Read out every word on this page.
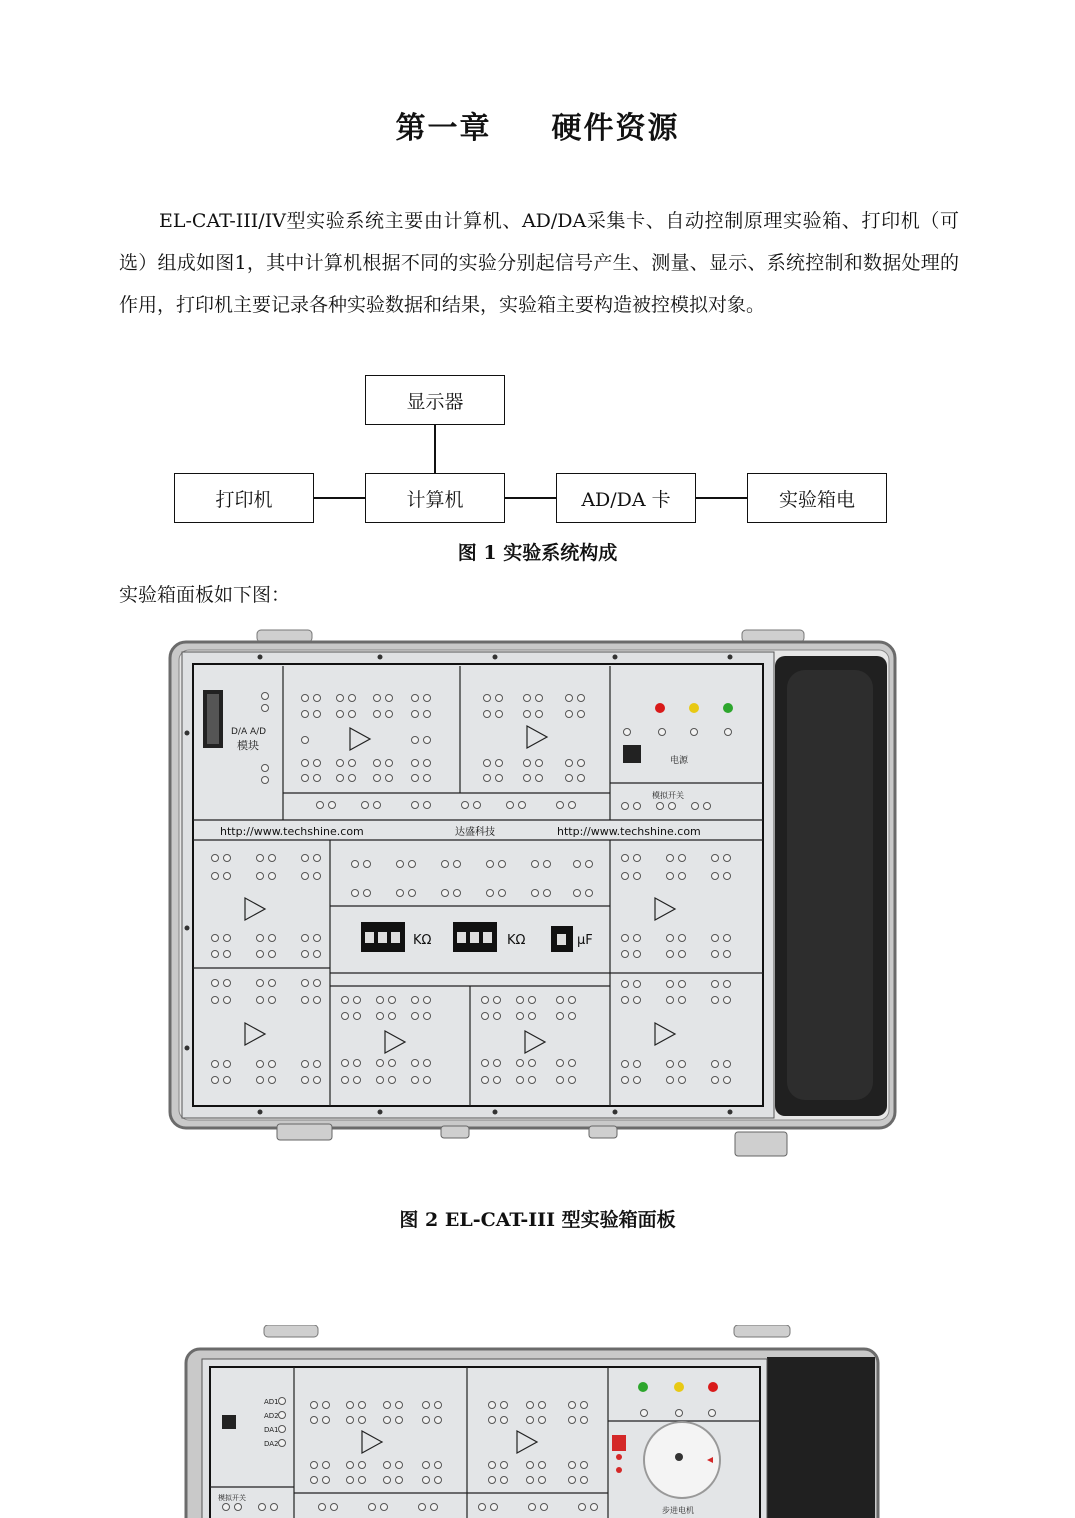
第一章 硬件资源

EL-CAT-III/IV型实验系统主要由计算机、AD/DA采集卡、自动控制原理实验箱、打印机（可选）组成如图1，其中计算机根据不同的实验分别起信号产生、测量、显示、系统控制和数据处理的作用，打印机主要记录各种实验数据和结果，实验箱主要构造被控模拟对象。

显示器
打印机	计算机	AD/DA 卡	实验箱电
图 1 实验系统构成
实验箱面板如下图：
D/A A/D
模块
电源
模拟开关
http://www.techshine.com	达盛科技	http://www.techshine.com
KΩ	KΩ	μF
图 2 EL-CAT-III 型实验箱面板
AD1
AD2
DA1
DA2
模拟开关
步进电机
